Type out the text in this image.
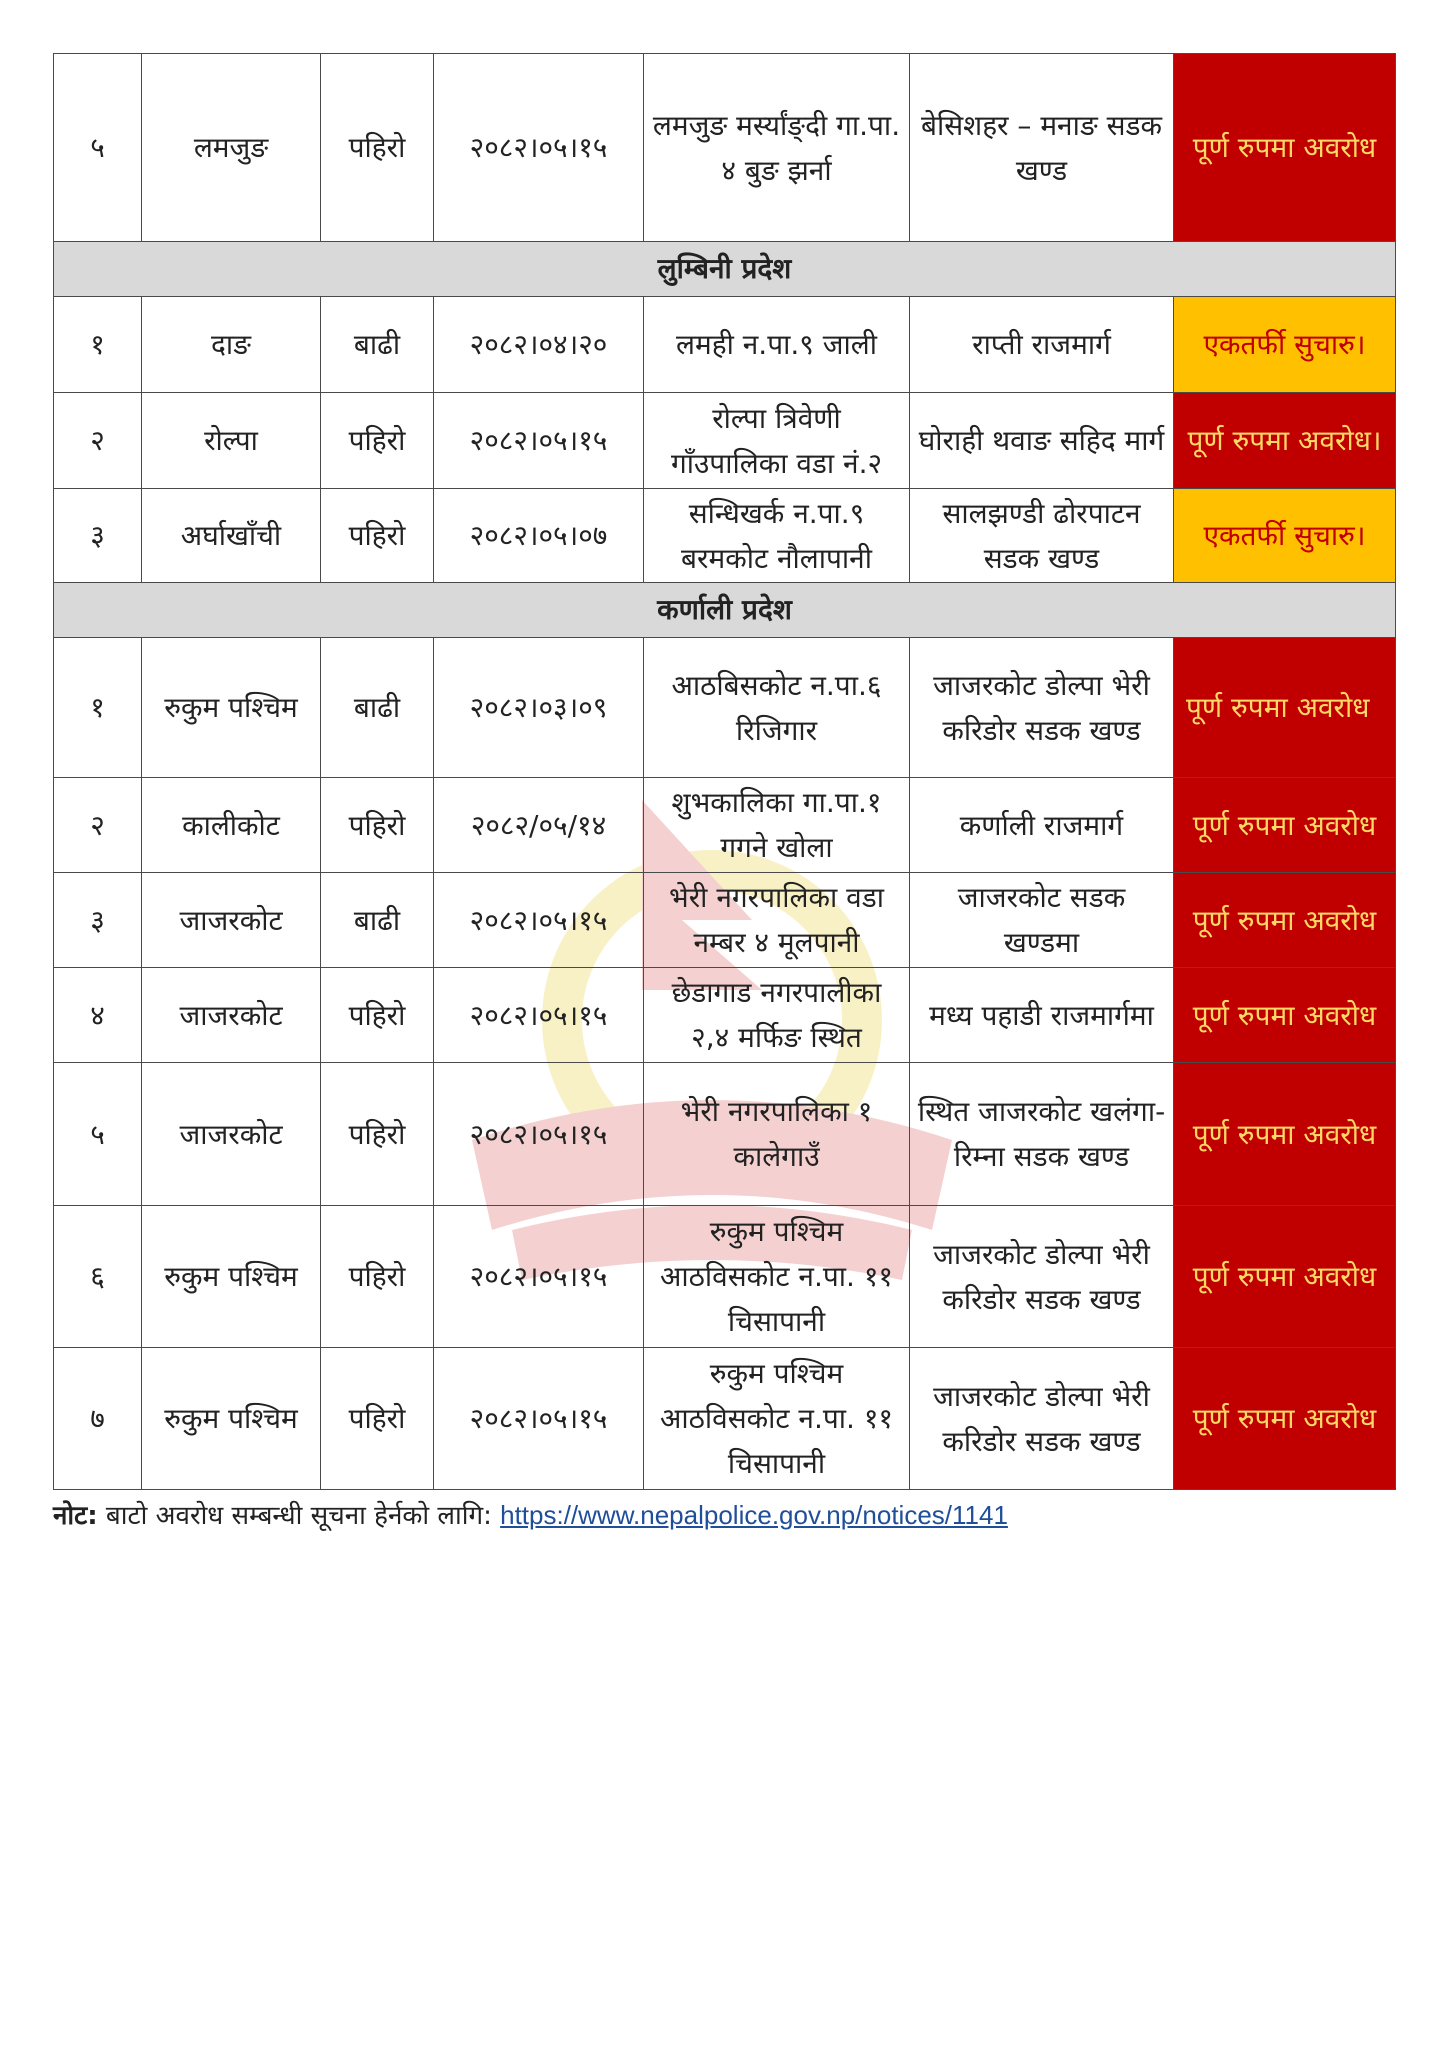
५	लमजुङ	पहिरो	२०८२।०५।१५	लमजुङ मर्स्यांङ्दी गा.पा. ४ बुङ झर्ना	बेसिशहर – मनाङ सडक खण्ड	पूर्ण रुपमा अवरोध
लुम्बिनी प्रदेश						
१	दाङ	बाढी	२०८२।०४।२०	लमही न.पा.९ जाली	राप्ती राजमार्ग	एकतर्फी सुचारु।
२	रोल्पा	पहिरो	२०८२।०५।१५	रोल्पा त्रिवेणी गाँउपालिका वडा नं.२	घोराही थवाङ सहिद मार्ग	पूर्ण रुपमा अवरोध।
३	अर्घाखाँची	पहिरो	२०८२।०५।०७	सन्धिखर्क न.पा.९ बरमकोट नौलापानी	सालझण्डी ढोरपाटन सडक खण्ड	एकतर्फी सुचारु।
कर्णाली प्रदेश						
१	रुकुम पश्चिम	बाढी	२०८२।०३।०९	आठबिसकोट न.पा.६ रिजिगार	जाजरकोट डोल्पा भेरी करिडोर सडक खण्ड	पूर्ण रुपमा अवरोध
२	कालीकोट	पहिरो	२०८२/०५/१४	शुभकालिका गा.पा.१ गगने खोला	कर्णाली राजमार्ग	पूर्ण रुपमा अवरोध
३	जाजरकोट	बाढी	२०८२।०५।१५	भेरी नगरपालिका वडा नम्बर ४ मूलपानी	जाजरकोट सडक खण्डमा	पूर्ण रुपमा अवरोध
४	जाजरकोट	पहिरो	२०८२।०५।१५	छेडागाड नगरपालीका २,४ मर्फिङ स्थित	मध्य पहाडी राजमार्गमा	पूर्ण रुपमा अवरोध
५	जाजरकोट	पहिरो	२०८२।०५।१५	भेरी नगरपालिका १ कालेगाउँ	स्थित जाजरकोट खलंगा-रिम्ना सडक खण्ड	पूर्ण रुपमा अवरोध
६	रुकुम पश्चिम	पहिरो	२०८२।०५।१५	रुकुम पश्चिम आठविसकोट न.पा. ११ चिसापानी	जाजरकोट डोल्पा भेरी करिडोर सडक खण्ड	पूर्ण रुपमा अवरोध
७	रुकुम पश्चिम	पहिरो	२०८२।०५।१५	रुकुम पश्चिम आठविसकोट न.पा. ११ चिसापानी	जाजरकोट डोल्पा भेरी करिडोर सडक खण्ड	पूर्ण रुपमा अवरोध
नोट: बाटो अवरोध सम्बन्धी सूचना हेर्नको लागि: https://www.nepalpolice.gov.np/notices/1141
